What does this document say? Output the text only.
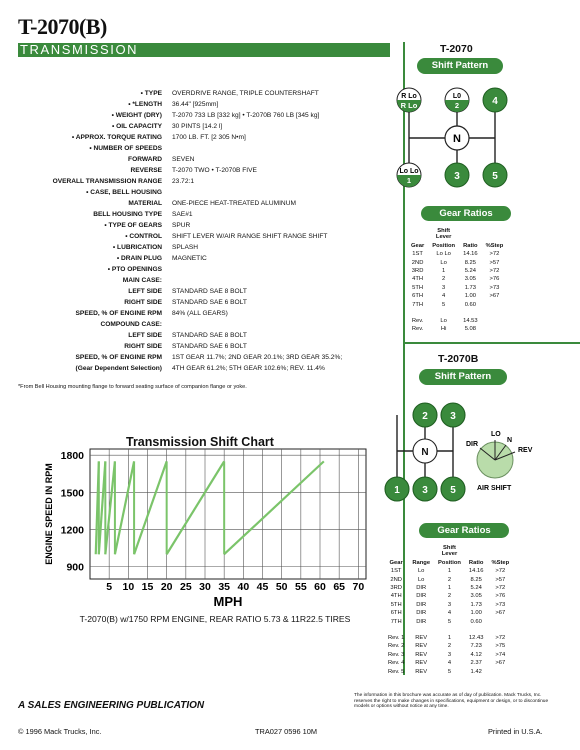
T-2070(B)
TRANSMISSION
• TYPE OVERDRIVE RANGE, TRIPLE COUNTERSHAFT
• *LENGTH 36.44" [925mm]
• WEIGHT (DRY) T-2070 733 LB [332 kg] • T-2070B 760 LB [345 kg]
• OIL CAPACITY 30 PINTS [14.2 l]
• APPROX. TORQUE RATING 1700 LB. FT. [2 305 N•m]
• NUMBER OF SPEEDS
FORWARD SEVEN
REVERSE T-2070 TWO • T-2070B FIVE
OVERALL TRANSMISSION RANGE 23.72:1
• CASE, BELL HOUSING
MATERIAL ONE-PIECE HEAT-TREATED ALUMINUM
BELL HOUSING TYPE SAE#1
• TYPE OF GEARS SPUR
• CONTROL SHIFT LEVER W/AIR RANGE SHIFT RANGE SHIFT
• LUBRICATION SPLASH
• DRAIN PLUG MAGNETIC
• PTO OPENINGS
MAIN CASE:
LEFT SIDE STANDARD SAE 8 BOLT
RIGHT SIDE STANDARD SAE 6 BOLT
SPEED, % OF ENGINE RPM 84% (ALL GEARS)
COMPOUND CASE:
LEFT SIDE STANDARD SAE 8 BOLT
RIGHT SIDE STANDARD SAE 6 BOLT
SPEED, % OF ENGINE RPM 1ST GEAR 11.7%; 2ND GEAR 20.1%; 3RD GEAR 35.2%;
(Gear Dependent Selection) 4TH GEAR 61.2%; 5TH GEAR 102.6%; REV. 11.4%
*From Bell Housing mounting flange to forward seating surface of companion flange or yoke.
Transmission Shift Chart
5 10 15 20 25 30 35 40 45 50 55 60 65 70
900
1200
1500
1800
MPH
ENGINE SPEED IN RPM
T-2070(B) w/1750 RPM ENGINE, REAR RATIO 5.73 & 11R22.5 TIRES
T-2070
Shift Pattern
R Lo
R Lo
L0
2	4
N
Lo Lo
1	3	5
Gear Ratios
	Shift
Lever		
Gear	Position	Ratio	%Step
1ST	Lo Lo	14.16	>72
2ND	Lo	8.25	>57
3RD	1	5.24	>72
4TH	2	3.05	>76
5TH	3	1.73	>73
6TH	4	1.00	>67
7TH	5	0.60	

Rev.	Lo	14.53	
Rev.	Hi	5.08	
T-2070B
Shift Pattern
2 3
N
1 3 5
DIR
LO
N
REV
AIR SHIFT
Gear Ratios
		Shift
Lever		
Gear	Range	Position	Ratio	%Step
1ST	Lo	1	14.16	>72
2ND	Lo	2	8.25	>57
3RD	DIR	1	5.24	>72
4TH	DIR	2	3.05	>76
5TH	DIR	3	1.73	>73
6TH	DIR	4	1.00	>67
7TH	DIR	5	0.60	

Rev. 1	REV	1	12.43	>72
Rev. 2	REV	2	7.23	>75
Rev. 3	REV	3	4.12	>74
Rev. 4	REV	4	2.37	>67
Rev. 5	REV	5	1.42	
A SALES ENGINEERING PUBLICATION
The information in this brochure was accurate as of day of publication. Mack Trucks, Inc. reserves the right to make changes in specifications, equipment or design, or to discontinue models or options without notice at any time.
© 1996 Mack Trucks, Inc.	TRA027 0596 10M	Printed in U.S.A.
